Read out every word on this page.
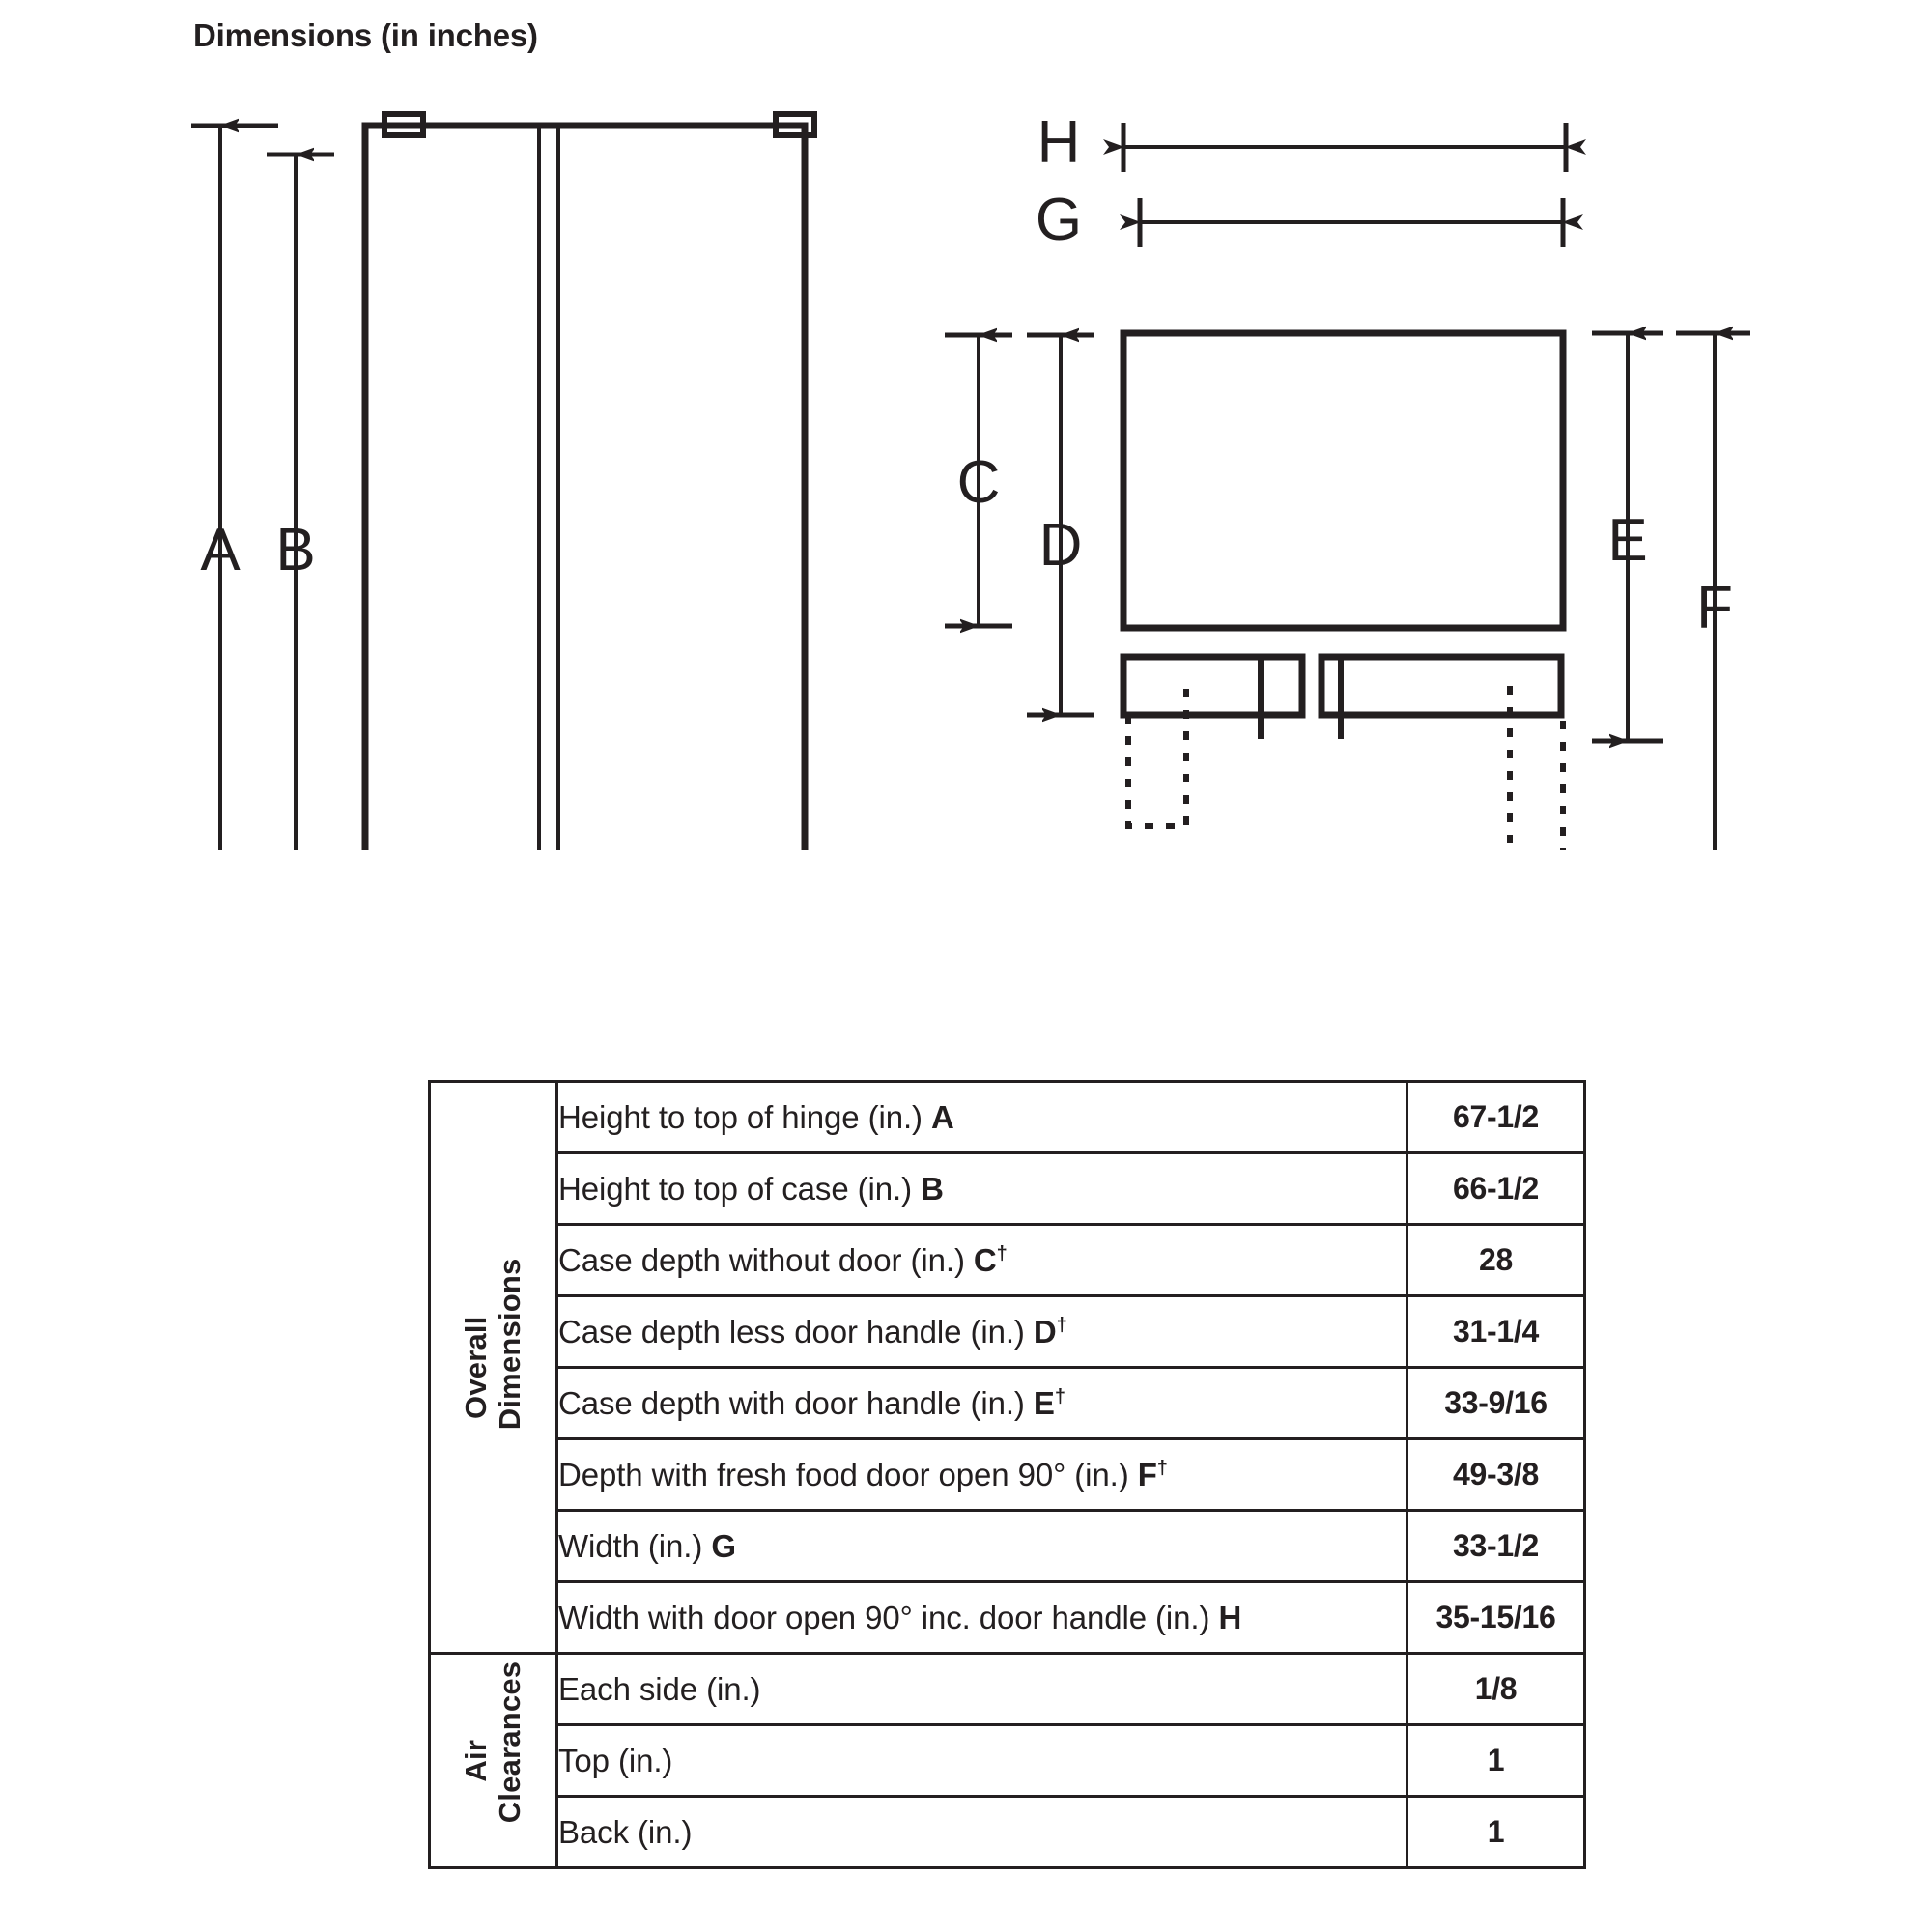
Dimensions (in inches)
A B
H
G
C
D	E
F
Overall
Dimensions	Height to top of hinge (in.) A	67-1/2
	Height to top of case (in.) B	66-1/2
	Case depth without door (in.) C†	28
	Case depth less door handle (in.) D†	31-1/4
	Case depth with door handle (in.) E†	33-9/16
	Depth with fresh food door open 90° (in.) F†	49-3/8
	Width (in.) G	33-1/2
	Width with door open 90° inc. door handle (in.) H	35-15/16

Air
Clearances	Each side (in.)	1/8
	Top (in.)	1
	Back (in.)	1
